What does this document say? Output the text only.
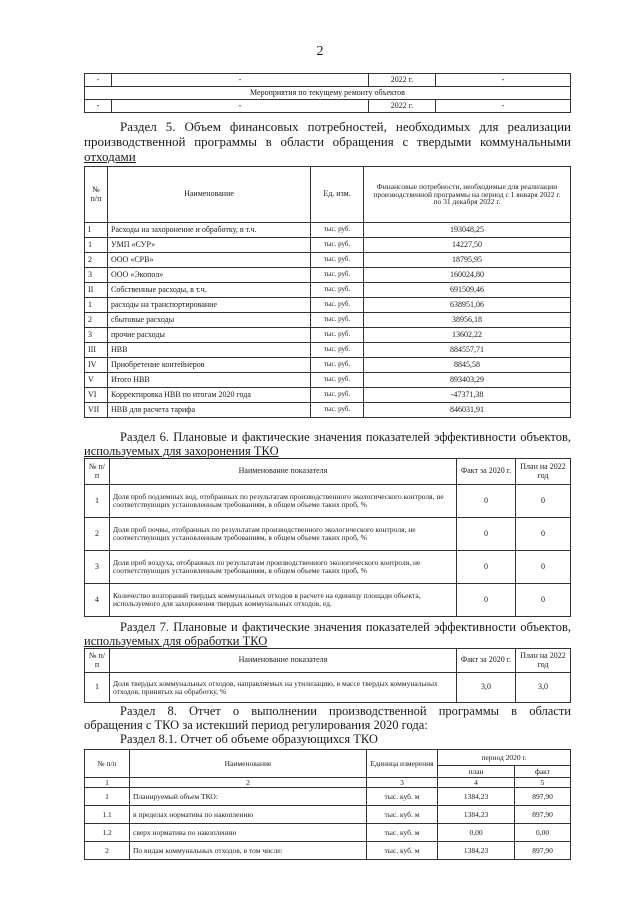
2
-	-	2022 г.	-
Мероприятия по текущему ремонту объектов			
-	-	2022 г.	-
Раздел 5. Объем финансовых потребностей, необходимых для реализации
производственной программы в области обращения с твердыми коммунальными
отходами
№ п/п	Наименование	Ед. изм.	Финансовые потребности, необходимые для реализации производственной программы на период с 1 января 2022 г. по 31 декабря 2022 г.
I	Расходы на захоронение и обработку, в т.ч.	тыс. руб.	193048,25
1	УМП «СУР»	тыс. руб.	14227,50
2	ООО «СРВ»	тыс. руб.	18795,95
3	ООО «Экопол»	тыс. руб.	160024,80
II	Собственные расходы, в т.ч.	тыс. руб.	691509,46
1	расходы на транспортирование	тыс. руб.	638951,06
2	сбытовые расходы	тыс. руб.	38956,18
3	прочие расходы	тыс. руб.	13602,22
III	НВВ	тыс. руб.	884557,71
IV	Приобретение контейнеров	тыс. руб.	8845,58
V	Итого НВВ	тыс. руб.	893403,29
VI	Корректировка НВВ по итогам 2020 года	тыс. руб.	-47371,38
VII	НВВ для расчета тарифа	тыс. руб.	846031,91
Раздел 6. Плановые и фактические значения показателей эффективности объектов,
используемых для захоронения ТКО
№ п/п	Наименование показателя	Факт за 2020 г.	План на 2022 год
1	Доля проб подземных вод, отобранных по результатам производственного экологического контроля, не соответствующих установленным требованиям, в общем объеме таких проб, %	0	0
2	Доля проб почвы, отобранных по результатам производственного экологического контроля, не соответствующих установленным требованиям, в общем объеме таких проб, %	0	0
3	Доля проб воздуха, отобранных по результатам производственного экологического контроля, не соответствующих установленным требованиям, в общем объеме таких проб, %	0	0
4	Количество возгораний твердых коммунальных отходов в расчете на единицу площади объекта, используемого для захоронения твердых коммунальных отходов, ед.	0	0
Раздел 7. Плановые и фактические значения показателей эффективности объектов,
используемых для обработки ТКО
№ п/п	Наименование показателя	Факт за 2020 г.	План на 2022 год
1	Доля твердых коммунальных отходов, направляемых на утилизацию, в массе твердых коммунальных отходов, принятых на обработку, %	3,0	3,0
Раздел 8. Отчет о выполнении производственной программы в области
обращения с ТКО за истекший период регулирования 2020 года:
Раздел 8.1. Отчет об объеме образующихся ТКО
№ п/п	Наименование	Единица измерения	период 2020 г.	
			план	факт
1	2	3	4	5
1	Планируемый объем ТКО:	тыс. куб. м	1384,23	897,90
1.1	в пределах норматива по накоплению	тыс. куб. м	1384,23	897,90
1.2	сверх норматива по накоплению	тыс. куб. м	0,00	0,00
2	По видам коммунальных отходов, в том числе:	тыс. куб. м	1384,23	897,90
